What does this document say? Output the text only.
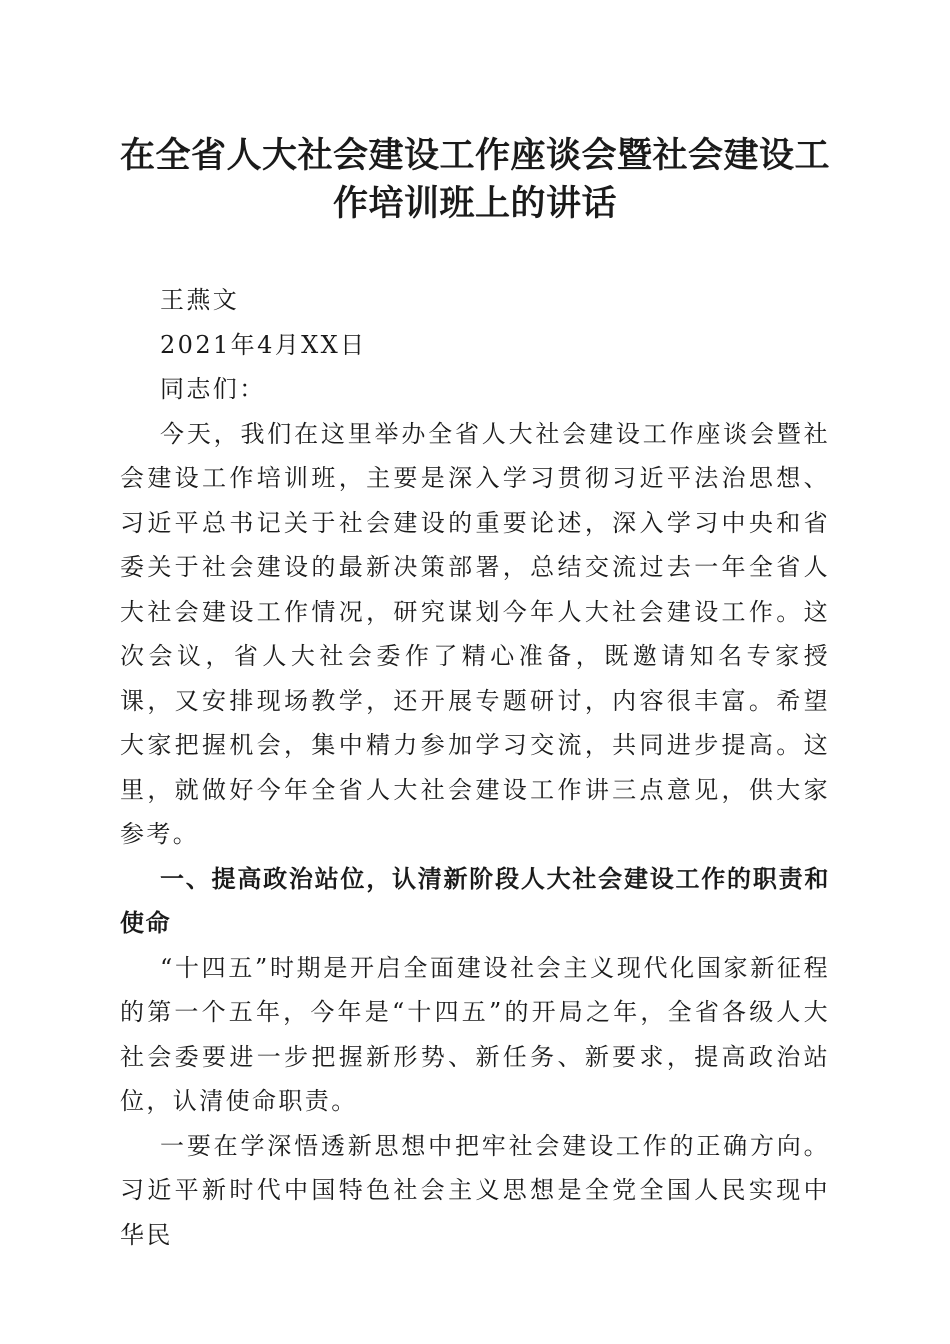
在全省人大社会建设工作座谈会暨社会建设工作培训班上的讲话

王燕文

2021年4月XX日

同志们：

今天，我们在这里举办全省人大社会建设工作座谈会暨社会建设工作培训班，主要是深入学习贯彻习近平法治思想、习近平总书记关于社会建设的重要论述，深入学习中央和省委关于社会建设的最新决策部署，总结交流过去一年全省人大社会建设工作情况，研究谋划今年人大社会建设工作。这次会议，省人大社会委作了精心准备，既邀请知名专家授课，又安排现场教学，还开展专题研讨，内容很丰富。希望大家把握机会，集中精力参加学习交流，共同进步提高。这里，就做好今年全省人大社会建设工作讲三点意见，供大家参考。

一、提高政治站位，认清新阶段人大社会建设工作的职责和使命

“十四五”时期是开启全面建设社会主义现代化国家新征程的第一个五年，今年是“十四五”的开局之年，全省各级人大社会委要进一步把握新形势、新任务、新要求，提高政治站位，认清使命职责。

一要在学深悟透新思想中把牢社会建设工作的正确方向。习近平新时代中国特色社会主义思想是全党全国人民实现中华民
